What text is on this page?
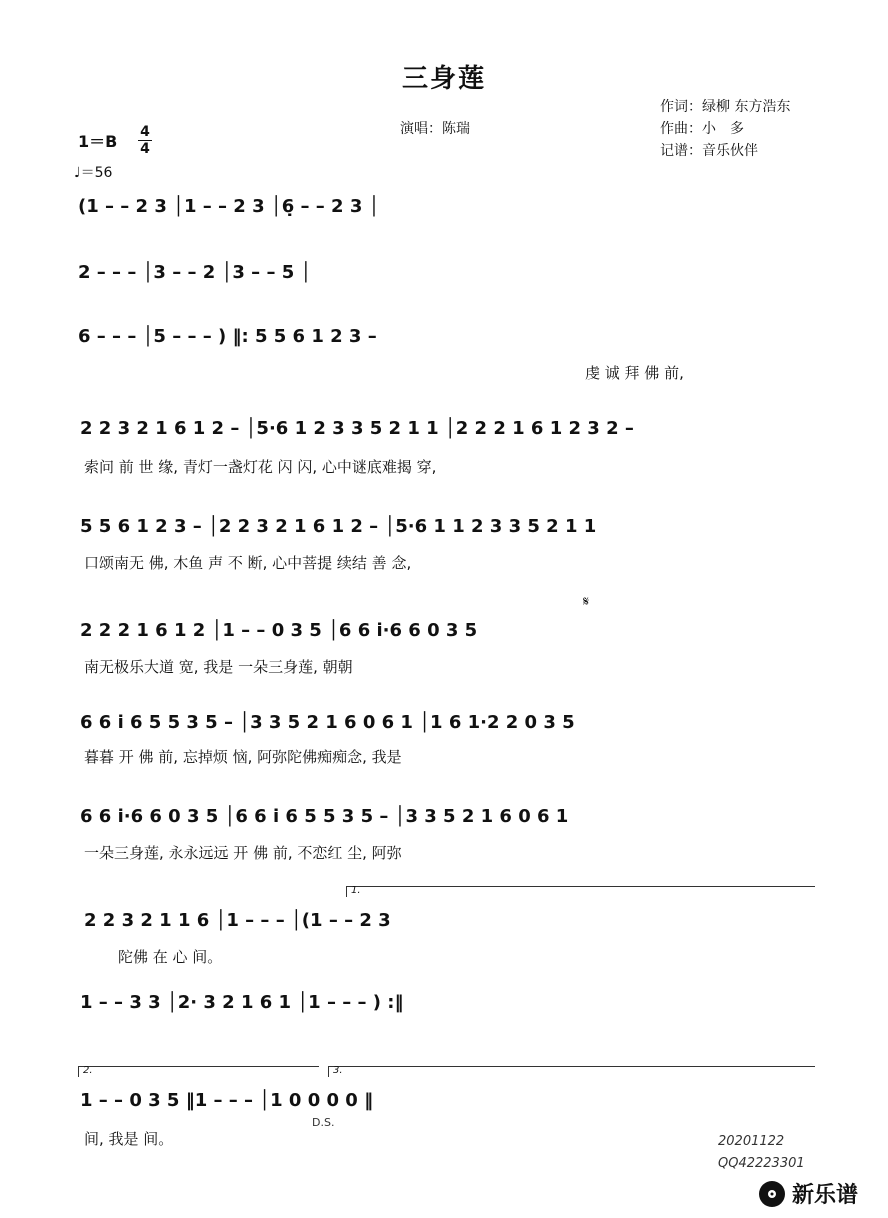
三身莲
演唱：陈瑞
作词：绿柳 东方浩东
作曲：小　多
记谱：音乐伙伴
$1=B \frac{4}{4}$
♩＝56
(1 – – 2 3 │1 – – 2 3 │6̣ – – 2 3 │
2 – – – │3 – – 2 │3 – – 5 │
6 – – – │5 – – – ) ‖: 5 5 6 1 2 3 –
虔 诚 拜 佛 前,
2 2 3 2 1 6 1 2 – │5·6 1 2 3 3 5 2 1 1 │2 2 2 1 6 1 2 3 2 –
索问 前 世 缘, 青灯一盏灯花 闪 闪, 心中谜底难揭 穿,
5 5 6 1 2 3 – │2 2 3 2 1 6 1 2 – │5·6 1 1 2 3 3 5 2 1 1
口颂南无 佛, 木鱼 声 不 断, 心中菩提 续结 善 念,
2 2 2 1 6 1 2 │1 – – 0 3 5 │6 6 i·6 6 0 3 5
南无极乐大道 宽, 我是 一朵三身莲, 朝朝
𝄋
6 6 i 6 5 5 3 5 – │3 3 5 2 1 6 0 6 1 │1 6 1·2 2 0 3 5
暮暮 开 佛 前, 忘掉烦 恼, 阿弥陀佛痴痴念, 我是
6 6 i·6 6 0 3 5 │6 6 i 6 5 5 3 5 – │3 3 5 2 1 6 0 6 1
一朵三身莲, 永永远远 开 佛 前, 不恋红 尘, 阿弥
1.
2 2 3 2 1 1 6 │1 – – – │(1 – – 2 3
陀佛 在 心 间。
1 – – 3 3 │2· 3 2 1 6 1 │1 – – – ) :‖
2.	3.
1 – – 0 3 5 ‖1 – – – │1 0 0 0 0 ‖
间, 我是 间。
D.S.
20201122
QQ42223301
新乐谱
